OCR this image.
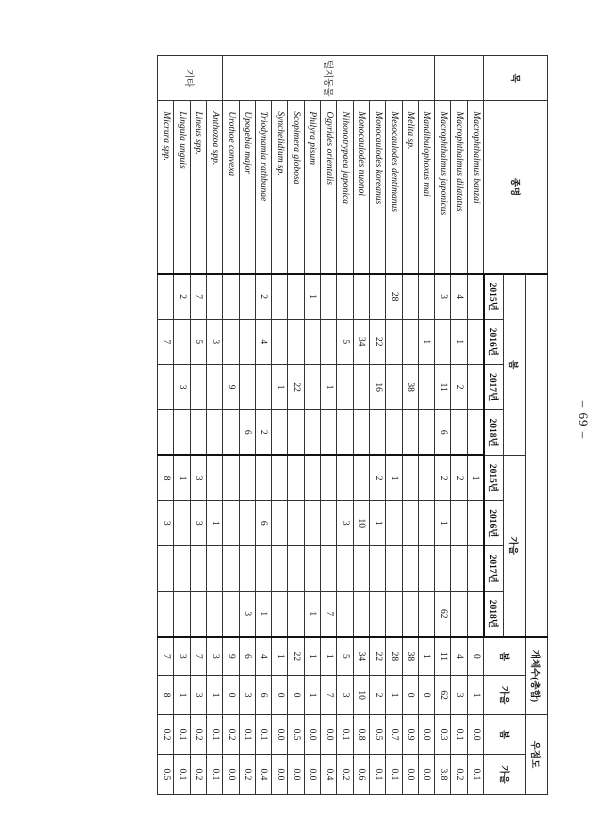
– 69 –
목	종명									개체수(총합)		우점도	
		봄				가을				봄	가을	봄	가을
		2015년	2016년	2017년	2018년	2015년	2016년	2017년	2018년				
	Macrophthalmus banzai					1				0	1	0.0	0.1
	Macrophthalmus dilatatus	4	1	2		2				4	3	0.1	0.2
	Macrophthalmus japonicus	3		11	6	2	1		62	11	62	0.3	3.8
털지동물	Mandibulophoxus mai		1							1	0	0.0	0.0
	Melita sp.			38						38	0	0.9	0.0
	Mesocaulodes dentimanus	28				1				28	1	0.7	0.1
	Monocaulodes koreanus		22	16		2	1			22	2	0.5	0.1
	Monocaulodes nuonoi		34				10			34	10	0.8	0.6
	Nihonotrypaea japonica		5				3			5	3	0.1	0.2
	Ogyrides orientalis			1					7	1	7	0.0	0.4
	Philyra pisum	1							1	1	1	0.0	0.0
	Scopimera globosa			22						22	0	0.5	0.0
	Synchelidium sp.			1						1	0	0.0	0.0
	Triodynamia rathbunae	2	4		2		6		1	4	6	0.1	0.4
	Upogebia major				6				3	6	3	0.1	0.2
	Urothoe convexa			9						9	0	0.2	0.0
기타	Anthozoa spp.		3				1			3	1	0.1	0.1
	Lineus spp.	7	5			3	3			7	3	0.2	0.2
	Lingula unguis	2		3		1				3	1	0.1	0.1
	Micrura spp.		7			8	3			7	8	0.2	0.5
